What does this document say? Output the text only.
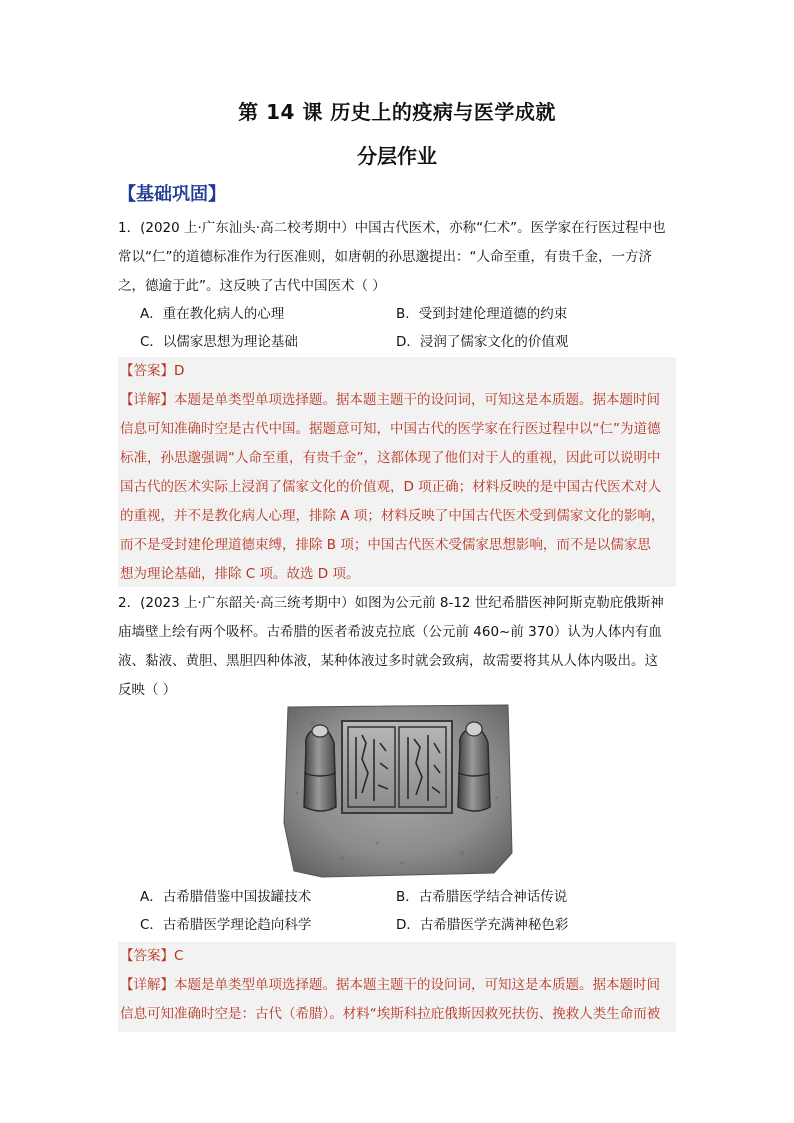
第 14 课 历史上的疫病与医学成就
分层作业
【基础巩固】
1．(2020 上·广东汕头·高二校考期中）中国古代医术，亦称“仁术”。医学家在行医过程中也
常以“仁”的道德标准作为行医准则，如唐朝的孙思邈提出：“人命至重，有贵千金，一方济
之，德逾于此”。这反映了古代中国医术（ ）
A．重在教化病人的心理	B．受到封建伦理道德的约束
C．以儒家思想为理论基础	D．浸润了儒家文化的价值观
【答案】D
【详解】本题是单类型单项选择题。据本题主题干的设问词，可知这是本质题。据本题时间
信息可知准确时空是古代中国。据题意可知，中国古代的医学家在行医过程中以“仁”为道德
标准，孙思邈强调“人命至重，有贵千金”，这都体现了他们对于人的重视，因此可以说明中
国古代的医术实际上浸润了儒家文化的价值观，D 项正确；材料反映的是中国古代医术对人
的重视，并不是教化病人心理，排除 A 项；材料反映了中国古代医术受到儒家文化的影响，
而不是受封建伦理道德束缚，排除 B 项；中国古代医术受儒家思想影响，而不是以儒家思
想为理论基础，排除 C 项。故选 D 项。
2．(2023 上·广东韶关·高三统考期中）如图为公元前 8-12 世纪希腊医神阿斯克勒庇俄斯神
庙墙壁上绘有两个吸杯。古希腊的医者希波克拉底（公元前 460~前 370）认为人体内有血
液、黏液、黄胆、黑胆四种体液，某种体液过多时就会致病，故需要将其从人体内吸出。这
反映（ ）
A．古希腊借鉴中国拔罐技术	B．古希腊医学结合神话传说
C．古希腊医学理论趋向科学	D．古希腊医学充满神秘色彩
【答案】C
【详解】本题是单类型单项选择题。据本题主题干的设问词，可知这是本质题。据本题时间
信息可知准确时空是：古代（希腊）。材料“埃斯科拉庇俄斯因救死扶伤、挽救人类生命而被
